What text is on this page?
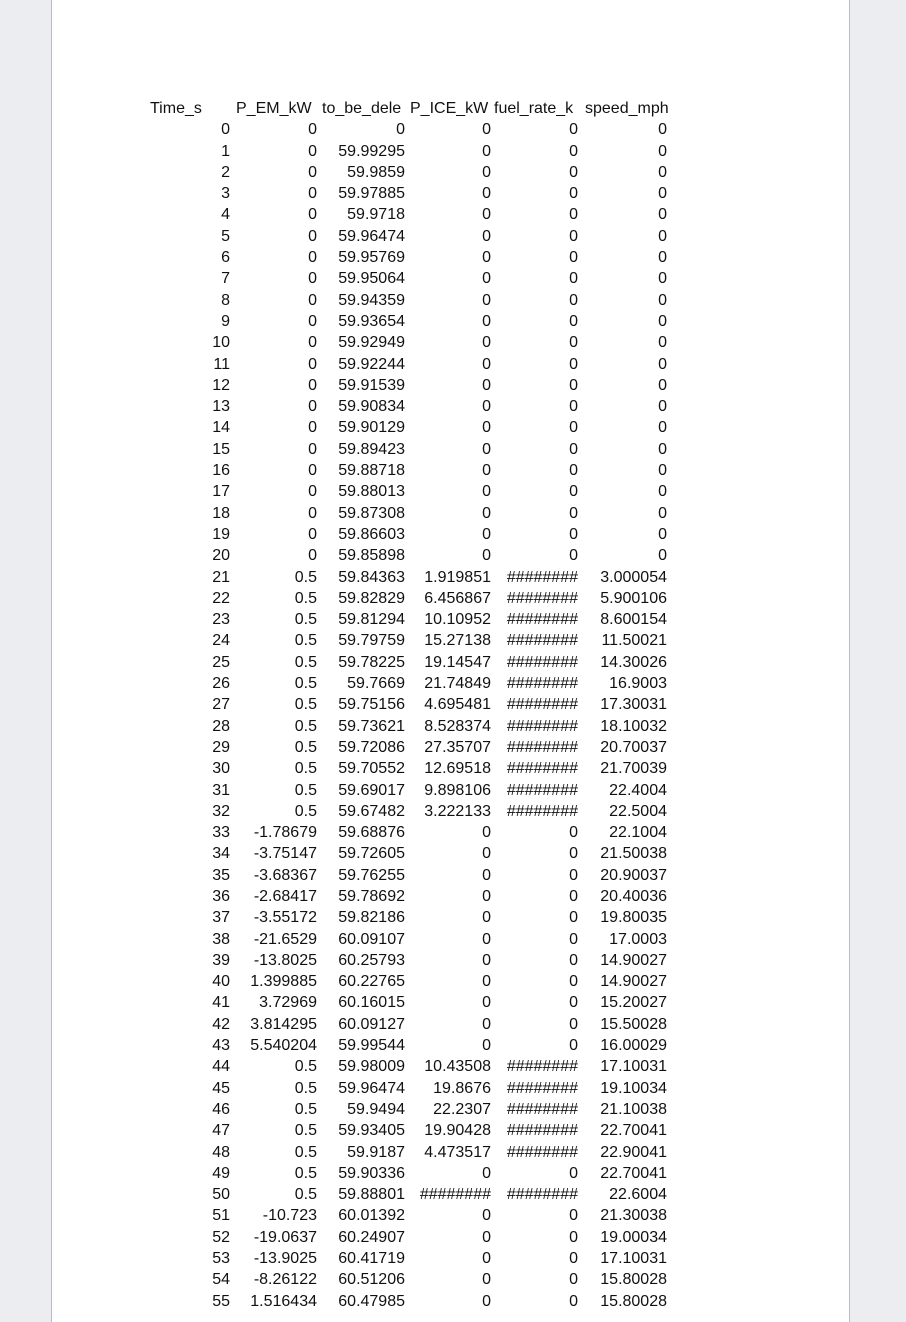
Time_s	P_EM_kW to_be_dele P_ICE_kW fuel_rate_k speed_mph
0	0	0	0	0	0
1	0	59.99295	0	0	0
2	0	59.9859	0	0	0
3	0	59.97885	0	0	0
4	0	59.9718	0	0	0
5	0	59.96474	0	0	0
6	0	59.95769	0	0	0
7	0	59.95064	0	0	0
8	0	59.94359	0	0	0
9	0	59.93654	0	0	0
10	0	59.92949	0	0	0
11	0	59.92244	0	0	0
12	0	59.91539	0	0	0
13	0	59.90834	0	0	0
14	0	59.90129	0	0	0
15	0	59.89423	0	0	0
16	0	59.88718	0	0	0
17	0	59.88013	0	0	0
18	0	59.87308	0	0	0
19	0	59.86603	0	0	0
20	0	59.85898	0	0	0
21	0.5	59.84363	1.919851 ########	3.000054
22	0.5	59.82829	6.456867 ########	5.900106
23	0.5	59.81294	10.10952 ########	8.600154
24	0.5	59.79759	15.27138 ########	11.50021
25	0.5	59.78225	19.14547 ########	14.30026
26	0.5	59.7669	21.74849 ########	16.9003
27	0.5	59.75156	4.695481 ########	17.30031
28	0.5	59.73621	8.528374 ########	18.10032
29	0.5	59.72086	27.35707 ########	20.70037
30	0.5	59.70552	12.69518 ########	21.70039
31	0.5	59.69017	9.898106 ########	22.4004
32	0.5	59.67482	3.222133 ########	22.5004
33	-1.78679	59.68876	0	0	22.1004
34	-3.75147	59.72605	0	0	21.50038
35	-3.68367	59.76255	0	0	20.90037
36	-2.68417	59.78692	0	0	20.40036
37	-3.55172	59.82186	0	0	19.80035
38	-21.6529	60.09107	0	0	17.0003
39	-13.8025	60.25793	0	0	14.90027
40	1.399885	60.22765	0	0	14.90027
41	3.72969	60.16015	0	0	15.20027
42	3.814295	60.09127	0	0	15.50028
43	5.540204	59.99544	0	0	16.00029
44	0.5	59.98009	10.43508 ########	17.10031
45	0.5	59.96474	19.8676 ########	19.10034
46	0.5	59.9494	22.2307 ########	21.10038
47	0.5	59.93405	19.90428 ########	22.70041
48	0.5	59.9187	4.473517 ########	22.90041
49	0.5	59.90336	0	0	22.70041
50	0.5	59.88801 ######## ########	22.6004
51	-10.723	60.01392	0	0	21.30038
52	-19.0637	60.24907	0	0	19.00034
53	-13.9025	60.41719	0	0	17.10031
54	-8.26122	60.51206	0	0	15.80028
55	1.516434	60.47985	0	0	15.80028
